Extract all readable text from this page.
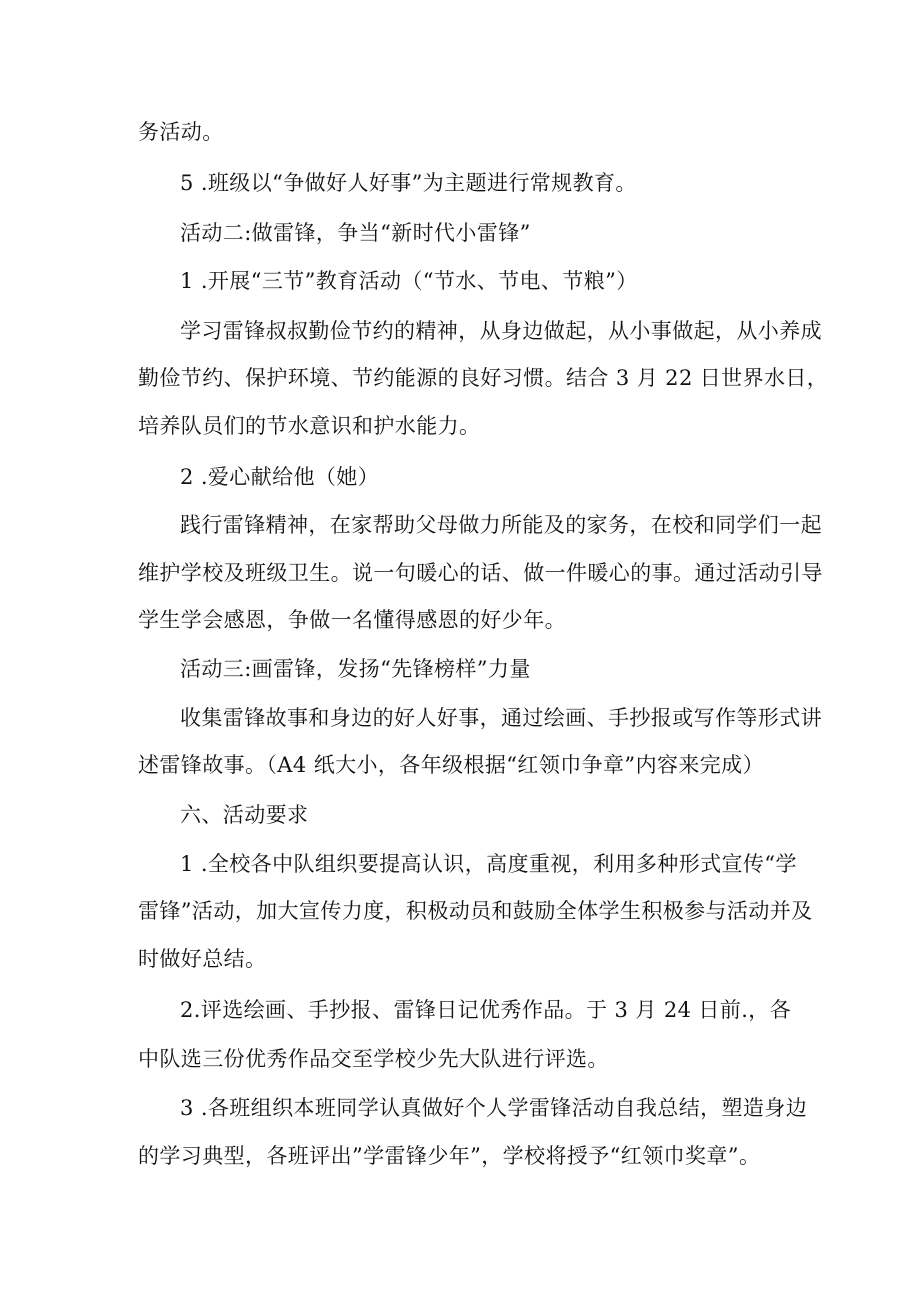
务活动。
5 .班级以“争做好人好事”为主题进行常规教育。
活动二:做雷锋，争当“新时代小雷锋”
1 .开展“三节”教育活动（“节水、节电、节粮”）
学习雷锋叔叔勤俭节约的精神，从身边做起，从小事做起，从小养成
勤俭节约、保护环境、节约能源的良好习惯。结合 3 月 22 日世界水日，
培养队员们的节水意识和护水能力。
2 .爱心献给他（她）
践行雷锋精神，在家帮助父母做力所能及的家务，在校和同学们一起
维护学校及班级卫生。说一句暖心的话、做一件暖心的事。通过活动引导
学生学会感恩，争做一名懂得感恩的好少年。
活动三:画雷锋，发扬“先锋榜样”力量
收集雷锋故事和身边的好人好事，通过绘画、手抄报或写作等形式讲
述雷锋故事。（A4 纸大小，各年级根据“红领巾争章”内容来完成）
六、活动要求
1 .全校各中队组织要提高认识，高度重视，利用多种形式宣传“学
雷锋”活动，加大宣传力度，积极动员和鼓励全体学生积极参与活动并及
时做好总结。
2 .评选绘画、手抄报、雷锋日记优秀作品。于 3 月 24 日前.，各
中队选三份优秀作品交至学校少先大队进行评选。
3 .各班组织本班同学认真做好个人学雷锋活动自我总结，塑造身边
的学习典型，各班评出”学雷锋少年”，学校将授予“红领巾奖章”。
